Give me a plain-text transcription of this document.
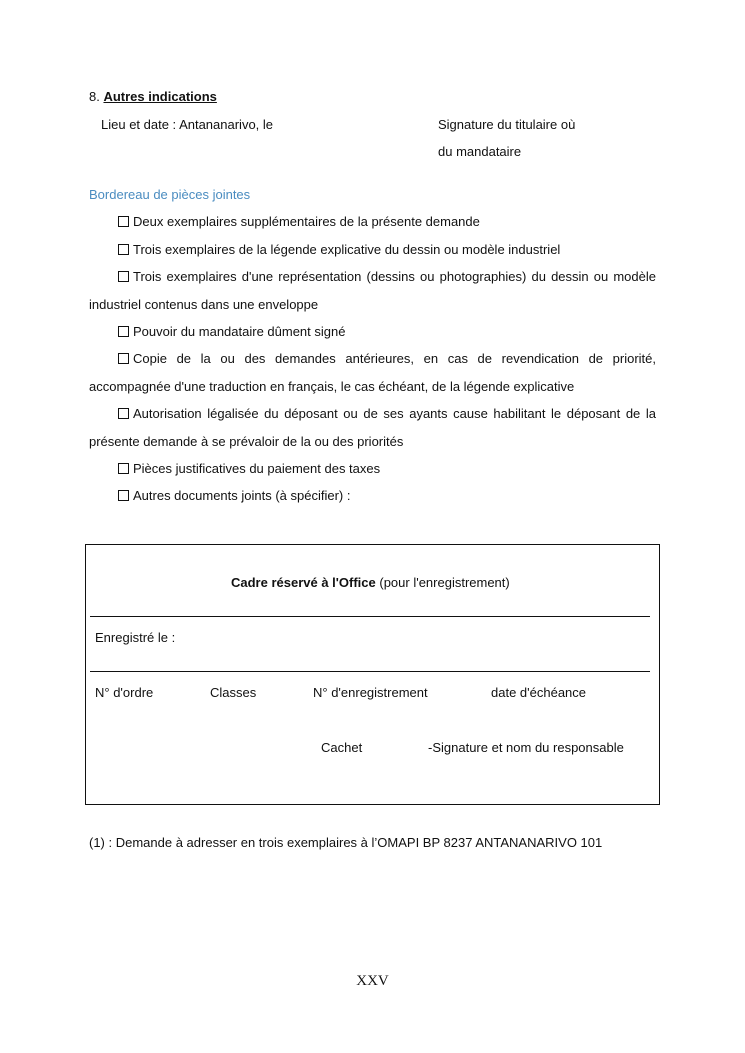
8. Autres indications
Lieu et date : Antananarivo, le	Signature du titulaire où
du mandataire
Bordereau de pièces jointes
Deux exemplaires supplémentaires de la présente demande
Trois exemplaires de la légende explicative du dessin ou modèle industriel
Trois exemplaires d'une représentation (dessins ou photographies) du dessin ou modèle industriel contenus dans une enveloppe
Pouvoir du mandataire dûment signé
Copie de la ou des demandes antérieures, en cas de revendication de priorité, accompagnée d'une traduction en français, le cas échéant, de la légende explicative
Autorisation légalisée du déposant ou de ses ayants cause habilitant le déposant de la présente demande à se prévaloir de la ou des priorités
Pièces justificatives du paiement des taxes
Autres documents joints (à spécifier) :
Cadre réservé à l'Office (pour l'enregistrement)
Enregistré le :
N° d'ordre	Classes	N° d'enregistrement	date d'échéance
Cachet	-Signature et nom du responsable
(1) : Demande à adresser en trois exemplaires à l’OMAPI BP 8237 ANTANANARIVO 101
XXV
